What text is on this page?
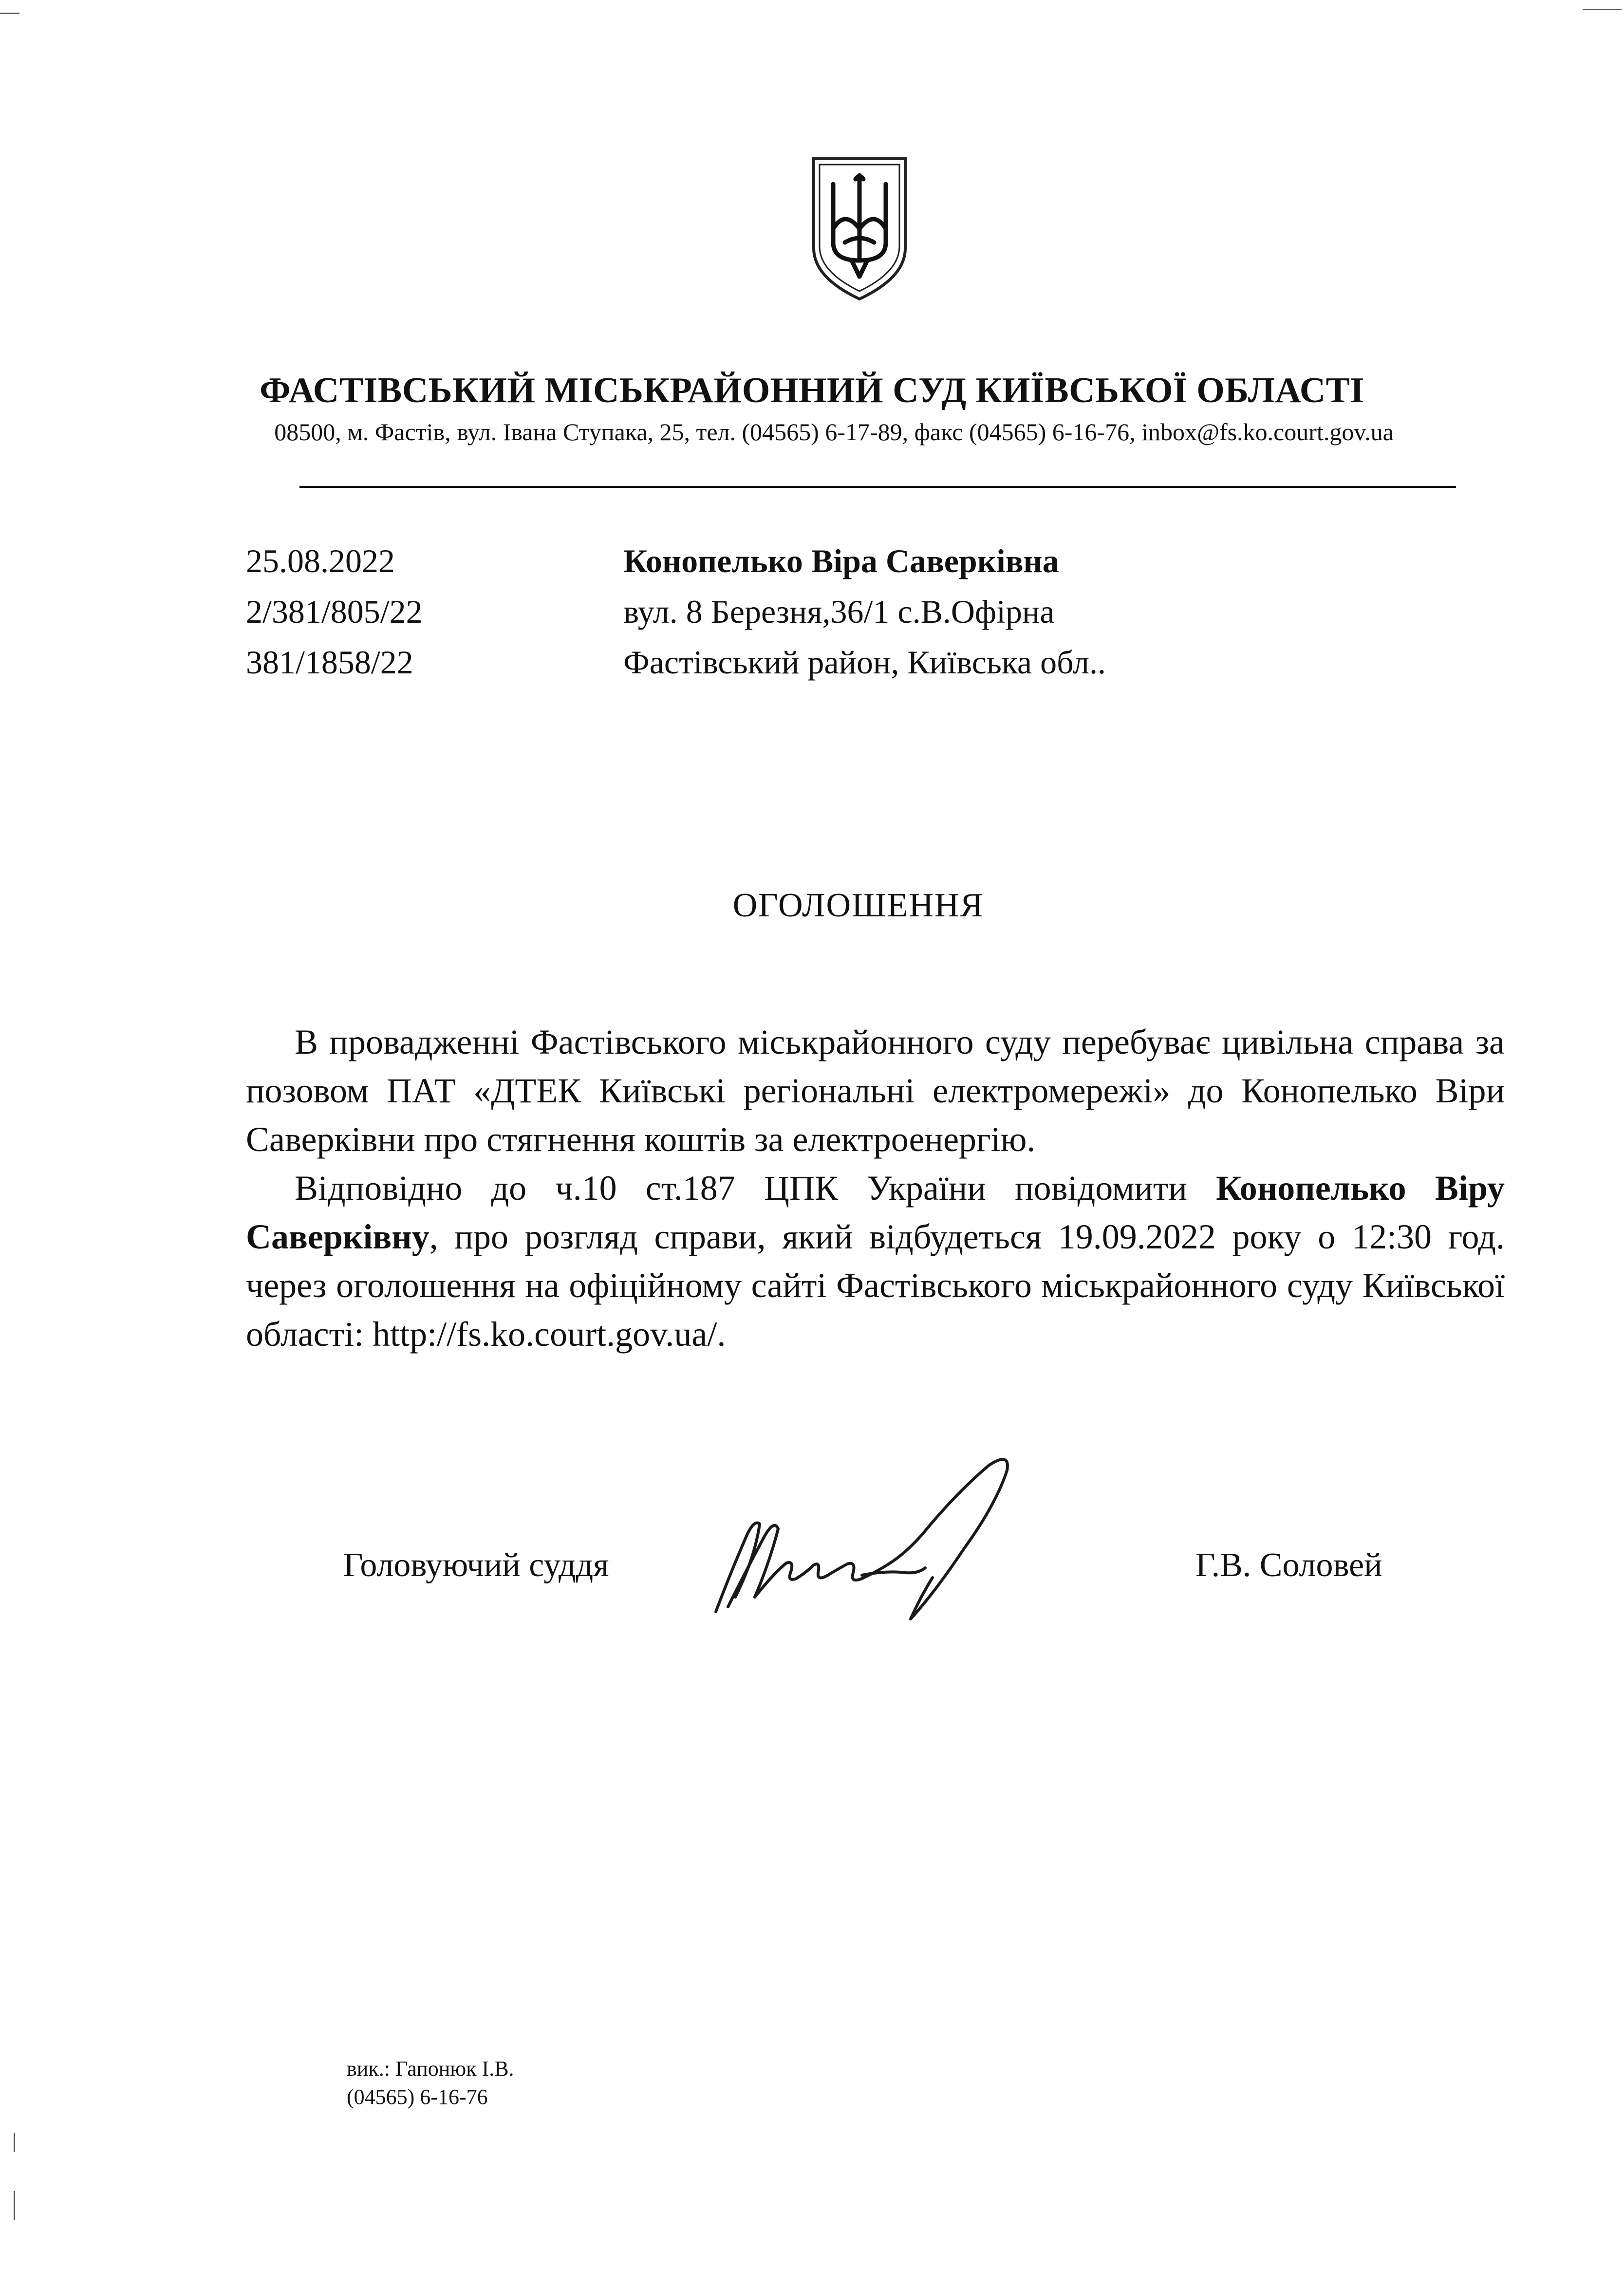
ФАСТІВСЬКИЙ МІСЬКРАЙОННИЙ СУД КИЇВСЬКОЇ ОБЛАСТІ
08500, м. Фастів, вул. Івана Ступака, 25, тел. (04565) 6-17-89, факс (04565) 6-16-76, inbox@fs.ko.court.gov.ua
25.08.2022
2/381/805/22
381/1858/22
Конопелько Віра Саверківна
вул. 8 Березня,36/1 с.В.Офірна
Фастівський район, Київська обл..
ОГОЛОШЕННЯ

В провадженні Фастівського міськрайонного суду перебуває цивільна справа за позовом ПАТ «ДТЕК Київські регіональні електромережі» до Конопелько Віри Саверківни про стягнення коштів за електроенергію.

Відповідно до ч.10 ст.187 ЦПК України повідомити Конопелько Віру Саверківну, про розгляд справи, який відбудеться 19.09.2022 року о 12:30 год. через оголошення на офіційному сайті Фастівського міськрайонного суду Київської області: http://fs.ko.court.gov.ua/.

Головуючий суддя	Г.В. Соловей
вик.: Гапонюк І.В.
(04565) 6-16-76
